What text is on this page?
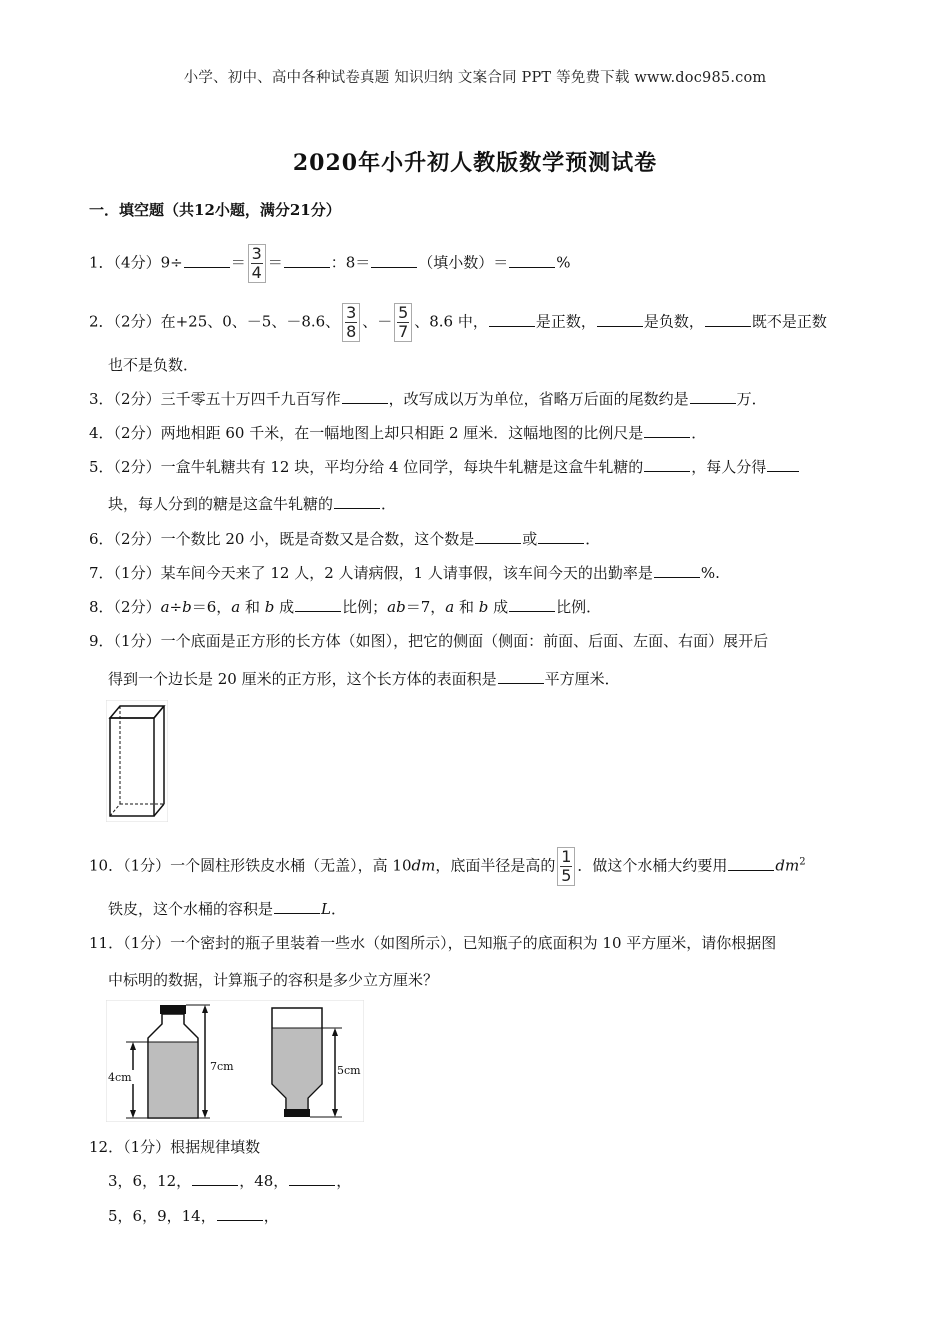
小学、初中、高中各种试卷真题 知识归纳 文案合同 PPT 等免费下载 www.doc985.com
2020年小升初人教版数学预测试卷
一．填空题（共12小题，满分21分）
1．（4分）9÷	＝ $\frac{3}{4}$ ＝	：8＝	（填小数）＝	%
2．（2分）在+25、0、－5、－8.6、 $\frac{3}{8}$ 、－ $\frac{5}{7}$ 、8.6 中，	是正数，	是负数，	既不是正数
也不是负数．
3．（2分）三千零五十万四千九百写作	，改写成以万为单位，省略万后面的尾数约是	万．
4．（2分）两地相距 60 千米，在一幅地图上却只相距 2 厘米．这幅地图的比例尺是	．
5．（2分）一盒牛轧糖共有 12 块，平均分给 4 位同学，每块牛轧糖是这盒牛轧糖的	，每人分得
块，每人分到的糖是这盒牛轧糖的	．
6．（2分）一个数比 20 小，既是奇数又是合数，这个数是	或	．
7．（1分）某车间今天来了 12 人，2 人请病假，1 人请事假，该车间今天的出勤率是	%.
8．（2分）a÷b＝6，a 和 b 成	比例；ab＝7，a 和 b 成	比例．
9．（1分）一个底面是正方形的长方体（如图），把它的侧面（侧面：前面、后面、左面、右面）展开后
得到一个边长是 20 厘米的正方形，这个长方体的表面积是	平方厘米．
10．（1分）一个圆柱形铁皮水桶（无盖），高 10dm，底面半径是高的 $\frac{1}{5}$ ．做这个水桶大约要用	$dm^2$
铁皮，这个水桶的容积是	L．
11．（1分）一个密封的瓶子里装着一些水（如图所示），已知瓶子的底面积为 10 平方厘米，请你根据图
中标明的数据，计算瓶子的容积是多少立方厘米？
4cm
7cm	5cm
12．（1分）根据规律填数
3，6，12，	，48，	，
5，6，9，14，	，
